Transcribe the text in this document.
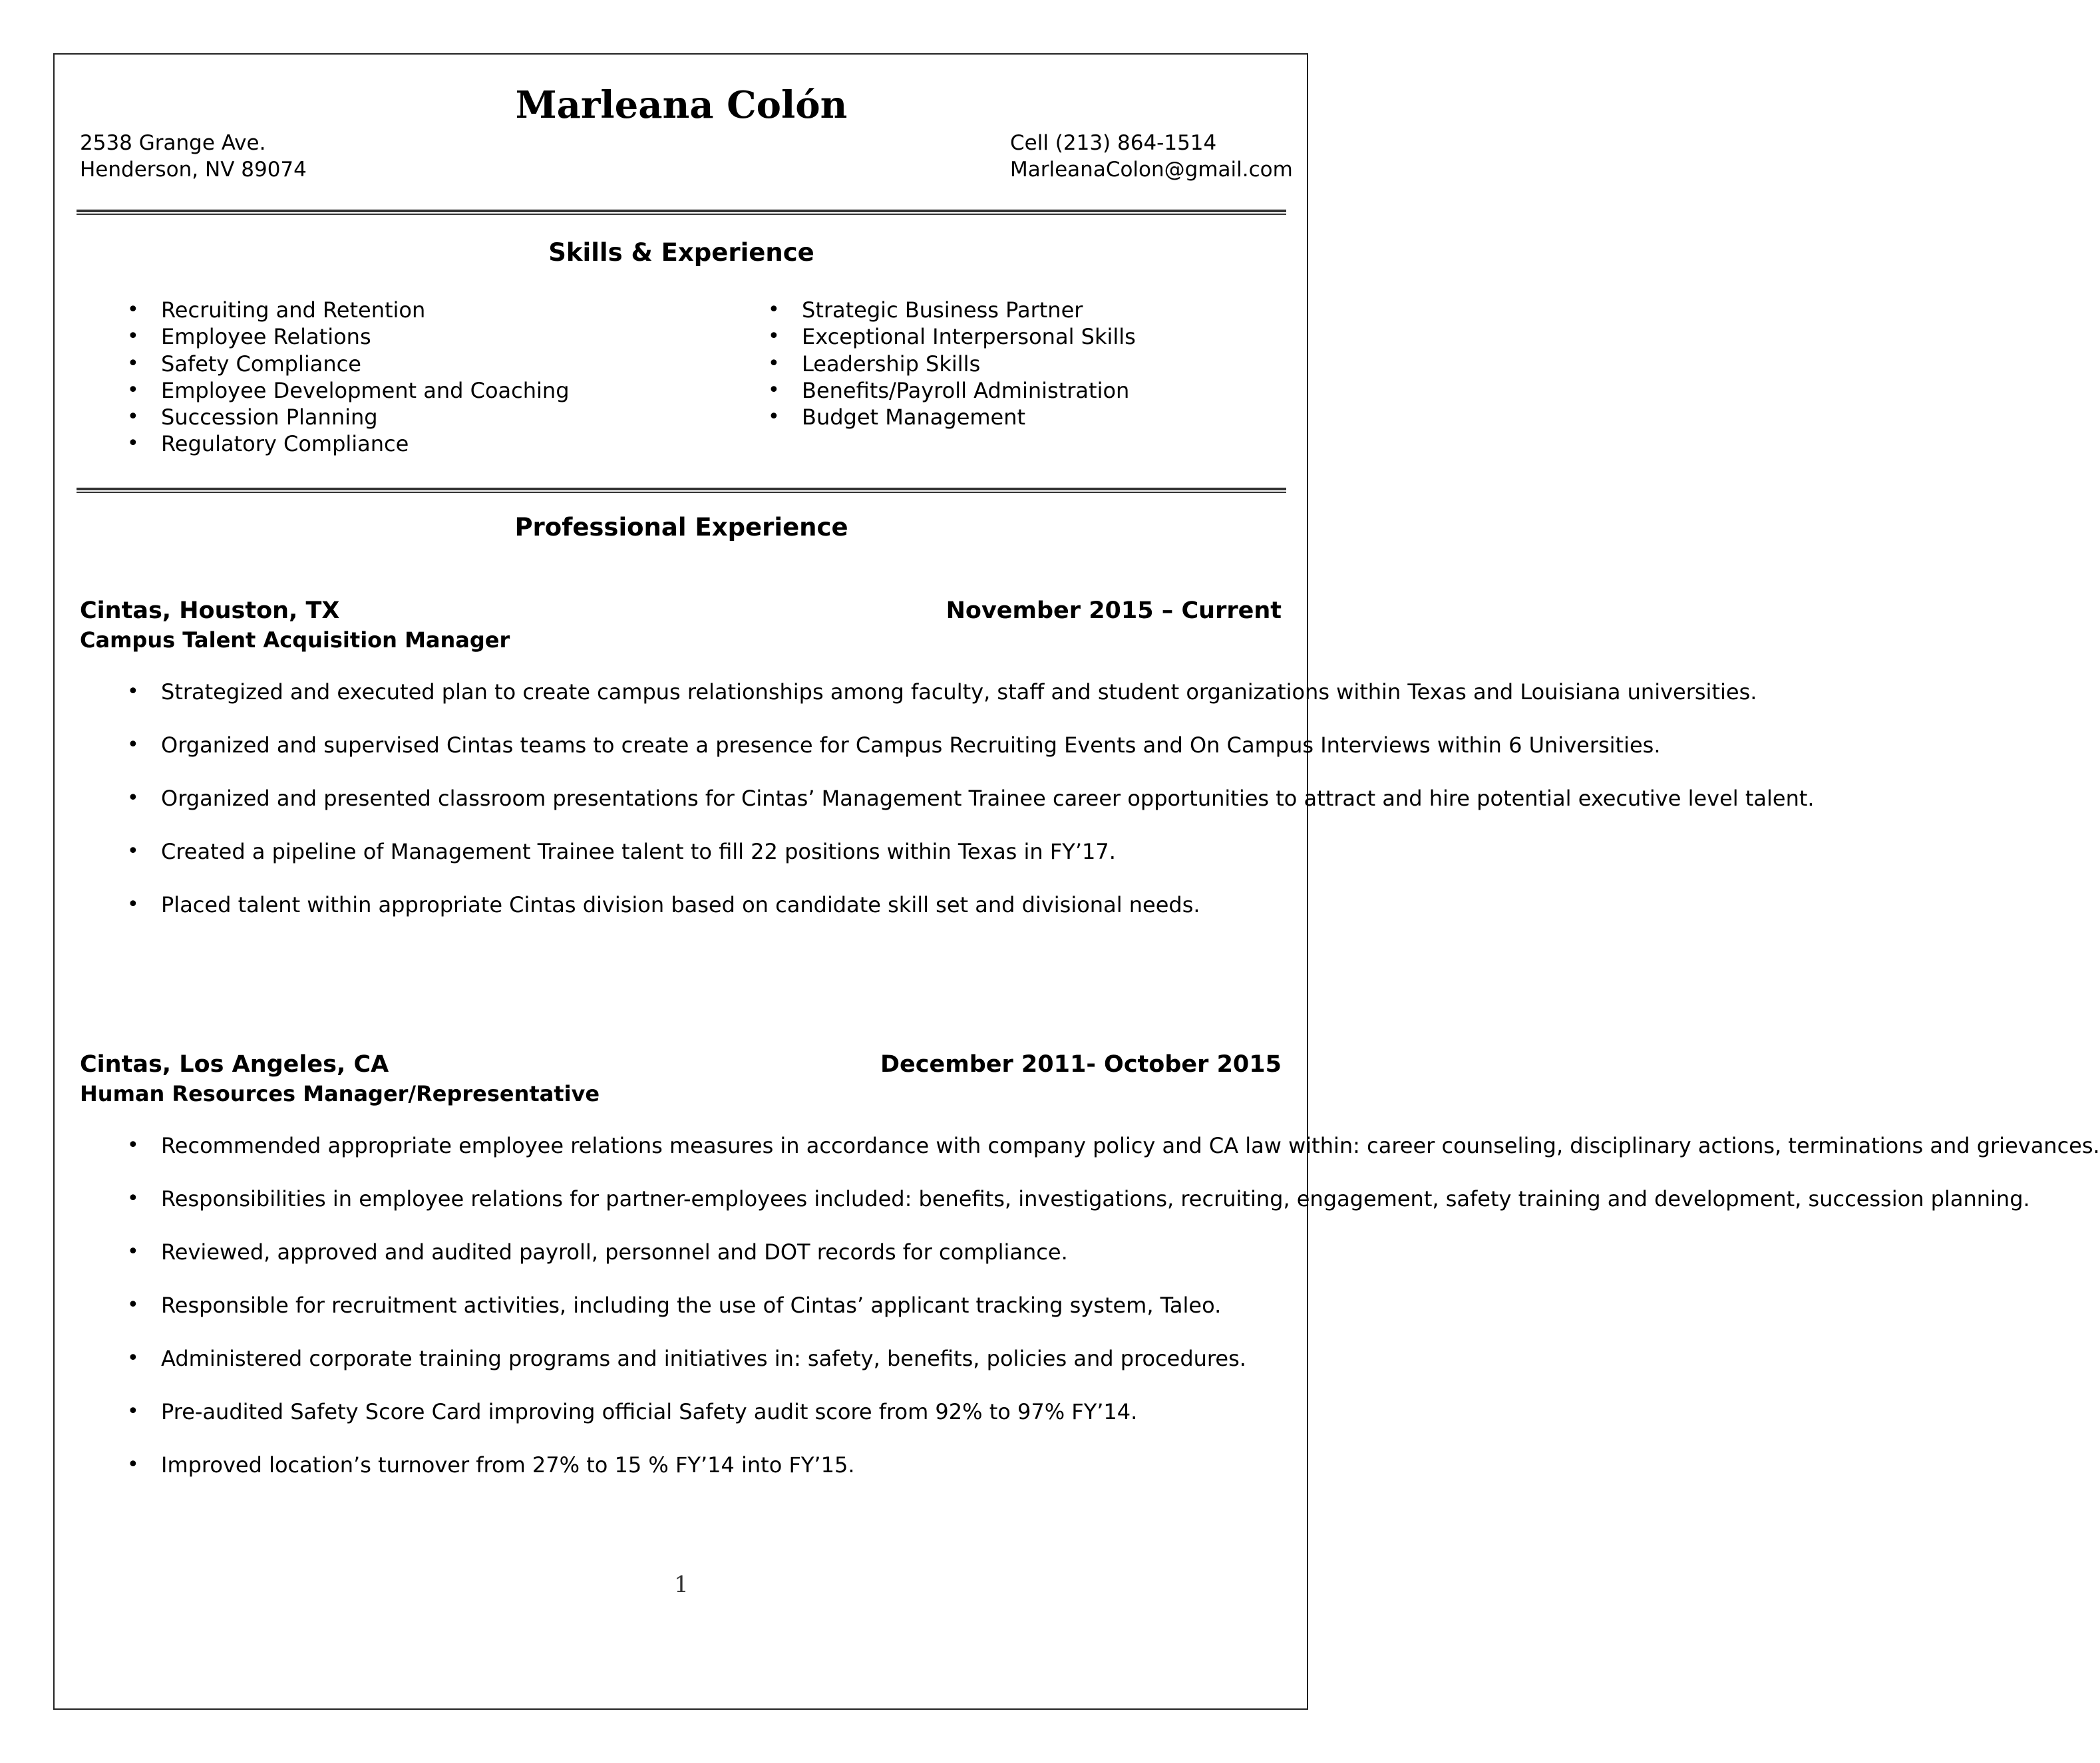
Marleana Colón
2538 Grange Ave.
Henderson, NV 89074
Cell (213) 864-1514
MarleanaColon@gmail.com
Skills & Experience
• Recruiting and Retention
• Employee Relations
• Safety Compliance
• Employee Development and Coaching
• Succession Planning
• Regulatory Compliance
• Strategic Business Partner
• Exceptional Interpersonal Skills
• Leadership Skills
• Benefits/Payroll Administration
• Budget Management
Professional Experience
Cintas, Houston, TX	November 2015 – Current
Campus Talent Acquisition Manager
• Strategized and executed plan to create campus relationships among faculty, staff and student organizations within Texas and Louisiana universities.
• Organized and supervised Cintas teams to create a presence for Campus Recruiting Events and On Campus Interviews within 6 Universities.
• Organized and presented classroom presentations for Cintas’ Management Trainee career opportunities to attract and hire potential executive level talent.
• Created a pipeline of Management Trainee talent to fill 22 positions within Texas in FY’17.
• Placed talent within appropriate Cintas division based on candidate skill set and divisional needs.
Cintas, Los Angeles, CA	December 2011- October 2015
Human Resources Manager/Representative
• Recommended appropriate employee relations measures in accordance with company policy and CA law within: career counseling, disciplinary actions, terminations and grievances.
• Responsibilities in employee relations for partner-employees included: benefits, investigations, recruiting, engagement, safety training and development, succession planning.
• Reviewed, approved and audited payroll, personnel and DOT records for compliance.
• Responsible for recruitment activities, including the use of Cintas’ applicant tracking system, Taleo.
• Administered corporate training programs and initiatives in: safety, benefits, policies and procedures.
• Pre-audited Safety Score Card improving official Safety audit score from 92% to 97% FY’14.
• Improved location’s turnover from 27% to 15 % FY’14 into FY’15.
1
